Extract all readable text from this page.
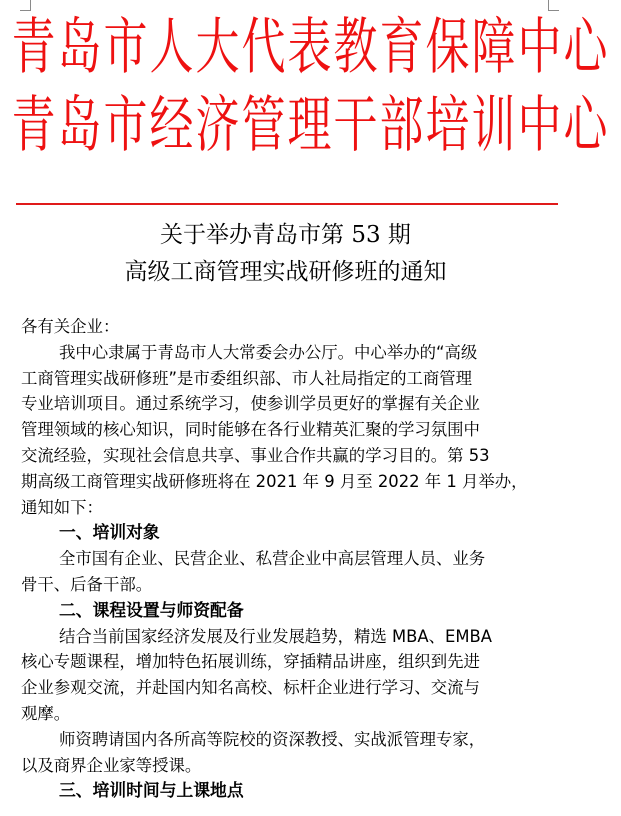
青岛市人大代表教育保障中心
青岛市经济管理干部培训中心
关于举办青岛市第 53 期
高级工商管理实战研修班的通知
各有关企业：
我中心隶属于青岛市人大常委会办公厅。中心举办的“高级
工商管理实战研修班”是市委组织部、市人社局指定的工商管理
专业培训项目。通过系统学习，使参训学员更好的掌握有关企业
管理领域的核心知识，同时能够在各行业精英汇聚的学习氛围中
交流经验，实现社会信息共享、事业合作共赢的学习目的。第 53
期高级工商管理实战研修班将在 2021 年 9 月至 2022 年 1 月举办，
通知如下：
一、培训对象
全市国有企业、民营企业、私营企业中高层管理人员、业务
骨干、后备干部。
二、课程设置与师资配备
结合当前国家经济发展及行业发展趋势，精选 MBA、EMBA
核心专题课程，增加特色拓展训练，穿插精品讲座，组织到先进
企业参观交流，并赴国内知名高校、标杆企业进行学习、交流与
观摩。
师资聘请国内各所高等院校的资深教授、实战派管理专家，
以及商界企业家等授课。
三、培训时间与上课地点
